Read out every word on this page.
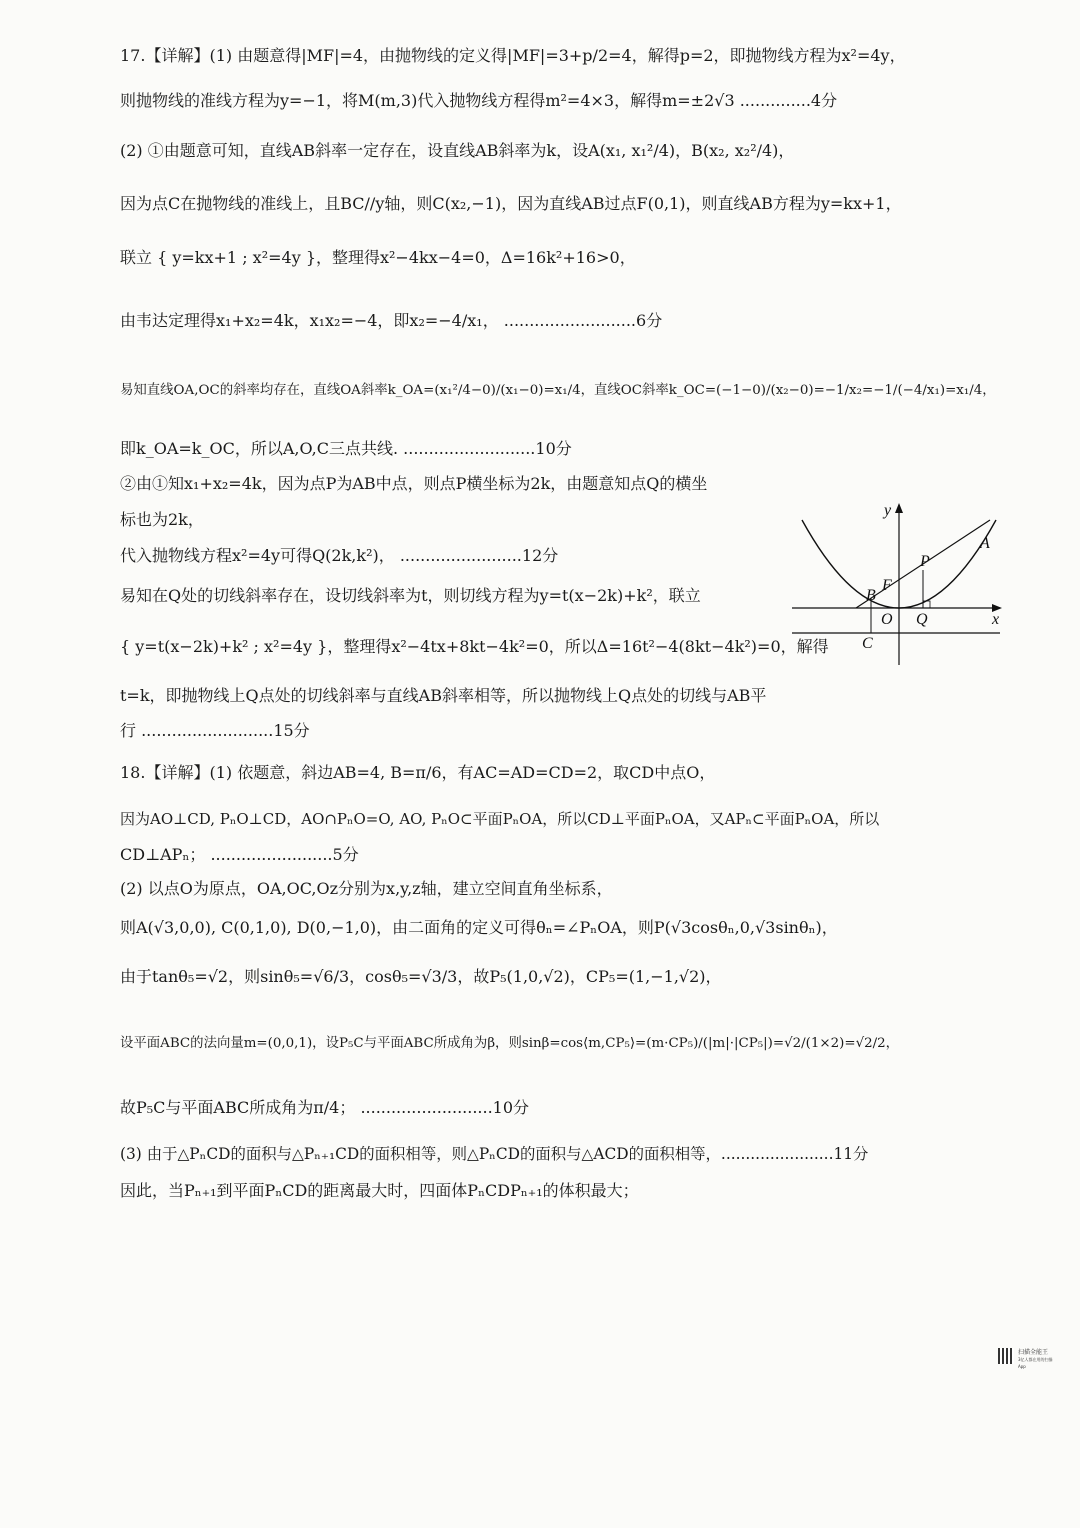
17.【详解】(1) 由题意得|MF|=4，由抛物线的定义得|MF|=3+p/2=4，解得p=2，即抛物线方程为x²=4y，
则抛物线的准线方程为y=−1，将M(m,3)代入抛物线方程得m²=4×3，解得m=±2√3 ..............4分
(2) ①由题意可知，直线AB斜率一定存在，设直线AB斜率为k，设A(x₁, x₁²/4)，B(x₂, x₂²/4)，
因为点C在抛物线的准线上，且BC//y轴，则C(x₂,−1)，因为直线AB过点F(0,1)，则直线AB方程为y=kx+1，
联立 { y=kx+1 ; x²=4y }，整理得x²−4kx−4=0，Δ=16k²+16>0，
由韦达定理得x₁+x₂=4k，x₁x₂=−4，即x₂=−4/x₁， ..........................6分
易知直线OA,OC的斜率均存在，直线OA斜率k_OA=(x₁²/4−0)/(x₁−0)=x₁/4，直线OC斜率k_OC=(−1−0)/(x₂−0)=−1/x₂=−1/(−4/x₁)=x₁/4，
即k_OA=k_OC，所以A,O,C三点共线. ..........................10分
②由①知x₁+x₂=4k，因为点P为AB中点，则点P横坐标为2k，由题意知点Q的横坐
标也为2k，
代入抛物线方程x²=4y可得Q(2k,k²)， ........................12分
易知在Q处的切线斜率存在，设切线斜率为t，则切线方程为y=t(x−2k)+k²，联立
{ y=t(x−2k)+k² ; x²=4y }，整理得x²−4tx+8kt−4k²=0，所以Δ=16t²−4(8kt−4k²)=0，解得
t=k，即抛物线上Q点处的切线斜率与直线AB斜率相等，所以抛物线上Q点处的切线与AB平
行 ..........................15分
18.【详解】(1) 依题意，斜边AB=4, B=π/6，有AC=AD=CD=2，取CD中点O，
因为AO⊥CD, PₙO⊥CD，AO∩PₙO=O, AO, PₙO⊂平面PₙOA，所以CD⊥平面PₙOA，又APₙ⊂平面PₙOA，所以
CD⊥APₙ； ........................5分
(2) 以点O为原点，OA,OC,Oz分别为x,y,z轴，建立空间直角坐标系，
则A(√3,0,0), C(0,1,0), D(0,−1,0)，由二面角的定义可得θₙ=∠PₙOA，则P(√3cosθₙ,0,√3sinθₙ)，
由于tanθ₅=√2，则sinθ₅=√6/3，cosθ₅=√3/3，故P₅(1,0,√2)，CP₅=(1,−1,√2)，
设平面ABC的法向量m=(0,0,1)，设P₅C与平面ABC所成角为β，则sinβ=cos⟨m,CP₅⟩=(m·CP₅)/(|m|·|CP₅|)=√2/(1×2)=√2/2，
故P₅C与平面ABC所成角为π/4； ..........................10分
(3) 由于△PₙCD的面积与△Pₙ₊₁CD的面积相等，则△PₙCD的面积与△ACD的面积相等，.......................11分
因此，当Pₙ₊₁到平面PₙCD的距离最大时，四面体PₙCDPₙ₊₁的体积最大；
y
x
A
P
B
F
O Q
C
扫描全能王
3亿人都在用的扫描App
